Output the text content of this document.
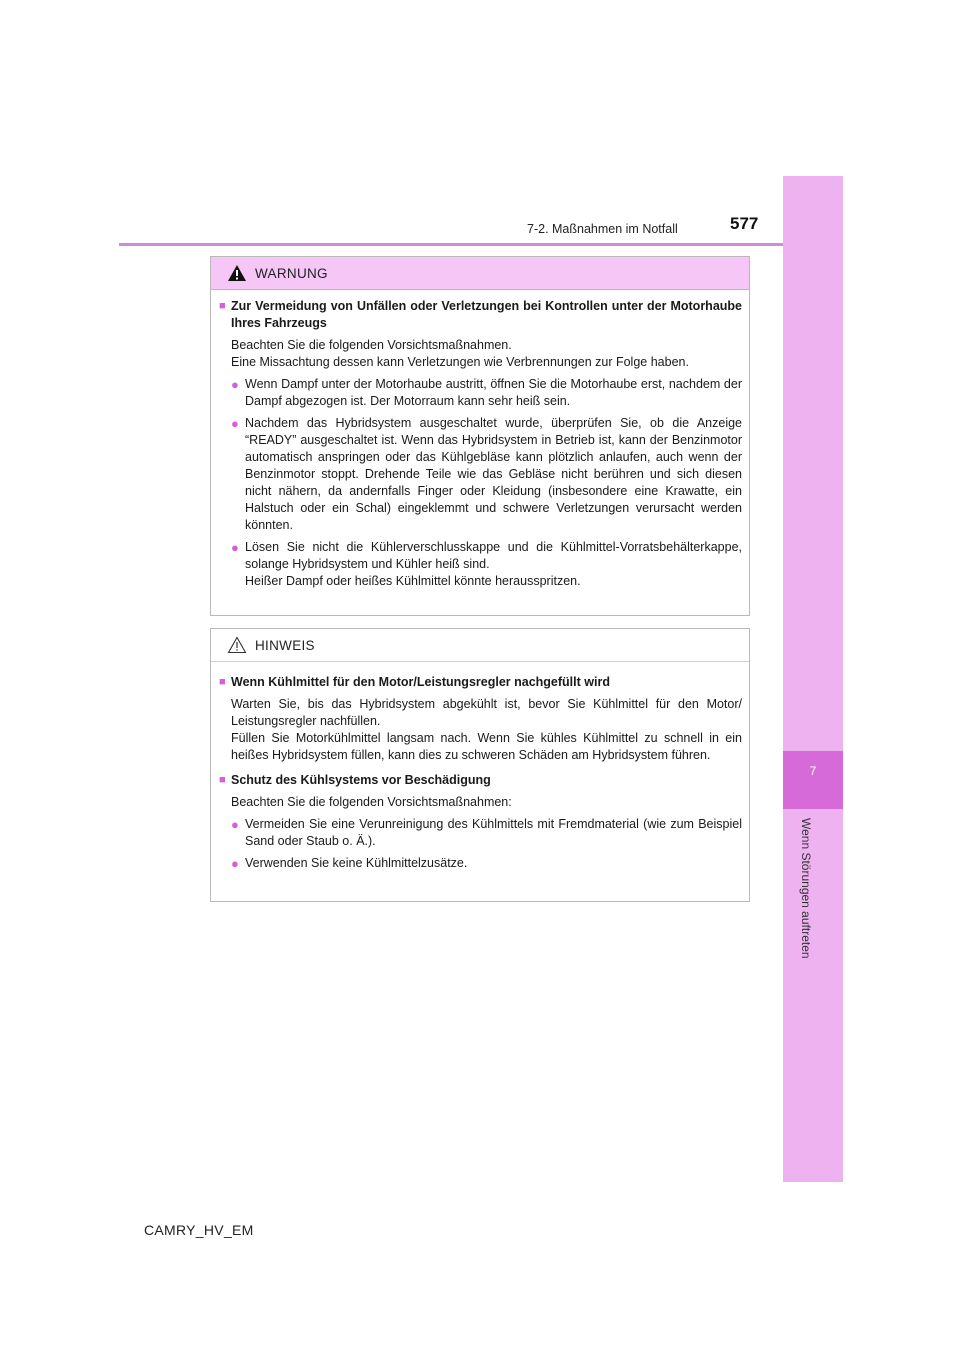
7
Wenn Störungen auftreten
7-2. Maßnahmen im Notfall	577
WARNUNG
■ Zur Vermeidung von Unfällen oder Verletzungen bei Kontrollen unter der Motorhaube Ihres Fahrzeugs
Beachten Sie die folgenden Vorsichtsmaßnahmen.
Eine Missachtung dessen kann Verletzungen wie Verbrennungen zur Folge haben.
● Wenn Dampf unter der Motorhaube austritt, öffnen Sie die Motorhaube erst, nachdem der Dampf abgezogen ist. Der Motorraum kann sehr heiß sein.
● Nachdem das Hybridsystem ausgeschaltet wurde, überprüfen Sie, ob die Anzeige “READY” ausgeschaltet ist. Wenn das Hybridsystem in Betrieb ist, kann der Benzinmotor automatisch anspringen oder das Kühlgebläse kann plötzlich anlaufen, auch wenn der Benzinmotor stoppt. Drehende Teile wie das Gebläse nicht berühren und sich diesen nicht nähern, da andernfalls Finger oder Kleidung (insbesondere eine Krawatte, ein Halstuch oder ein Schal) eingeklemmt und schwere Verletzungen verursacht werden könnten.
● Lösen Sie nicht die Kühlerverschlusskappe und die Kühlmittel-Vorratsbehälterkappe, solange Hybridsystem und Kühler heiß sind.
Heißer Dampf oder heißes Kühlmittel könnte herausspritzen.
HINWEIS
■ Wenn Kühlmittel für den Motor/Leistungsregler nachgefüllt wird
Warten Sie, bis das Hybridsystem abgekühlt ist, bevor Sie Kühlmittel für den Motor/ Leistungsregler nachfüllen.
Füllen Sie Motorkühlmittel langsam nach. Wenn Sie kühles Kühlmittel zu schnell in ein heißes Hybridsystem füllen, kann dies zu schweren Schäden am Hybridsystem führen.
■ Schutz des Kühlsystems vor Beschädigung
Beachten Sie die folgenden Vorsichtsmaßnahmen:
● Vermeiden Sie eine Verunreinigung des Kühlmittels mit Fremdmaterial (wie zum Beispiel Sand oder Staub o. Ä.).
● Verwenden Sie keine Kühlmittelzusätze.
CAMRY_HV_EM
